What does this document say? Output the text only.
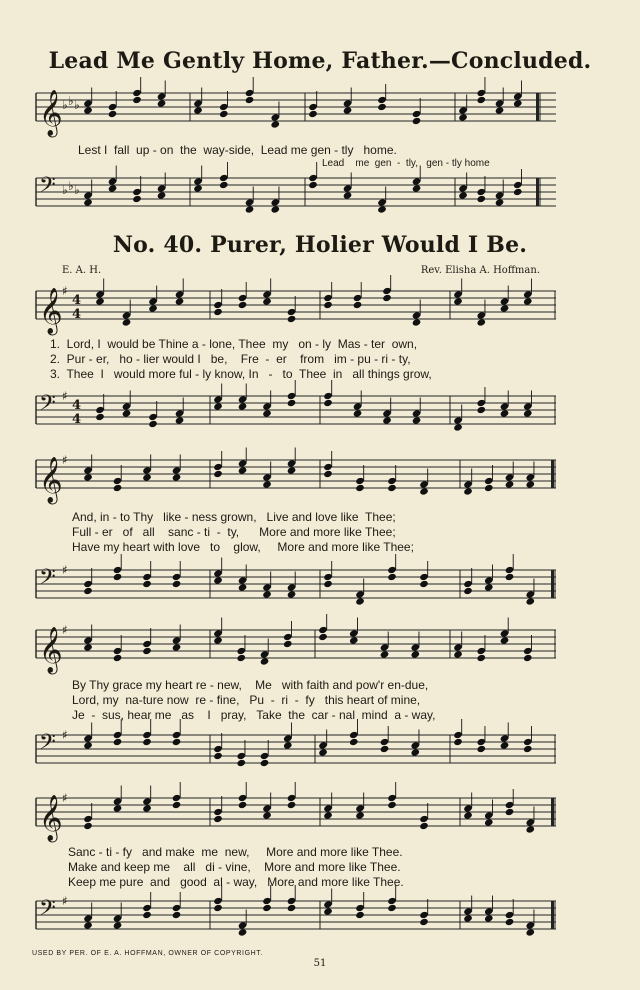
Lead Me Gently Home, Father.—Concluded.
𝄞 ♭ ♭ ♭
Lest I  fall  up - on  the  way-side,  Lead me gen - tly   home.
Lead    me  gen  -  tly,   gen - tly home
𝄢 ♭ ♭ ♭
No. 40. Purer, Holier Would I Be.
E. A. H.	Rev. Elisha A. Hoffman.
𝄞 ♯
4
4
1.  Lord, I  would be Thine a - lone, Thee  my   on - ly  Mas - ter  own,
2.  Pur - er,   ho - lier would I   be,    Fre  -  er    from   im - pu - ri - ty,
3.  Thee  I   would more ful - ly know, In   -   to  Thee  in   all things grow,
𝄢 ♯
4
4
𝄞 ♯
And, in - to Thy   like - ness grown,   Live and love like  Thee;
Full - er   of   all    sanc - ti  -  ty,      More and more like Thee;
Have my heart with love   to    glow,     More and more like Thee;
𝄢 ♯
𝄞 ♯
By Thy grace my heart re - new,    Me   with faith and pow'r en-due,
Lord, my  na-ture now  re - fine,   Pu  -  ri  -  fy   this heart of mine,
Je  -  sus, hear me   as    I   pray,   Take  the  car - nal  mind  a - way,
𝄢 ♯
𝄞 ♯
Sanc - ti - fy   and make  me  new,     More and more like Thee.
Make and keep me    all   di - vine,    More and more like Thee.
Keep me pure  and   good  al - way,   More and more like Thee.
𝄢 ♯
USED BY PER. OF E. A. HOFFMAN, OWNER OF COPYRIGHT.
51
